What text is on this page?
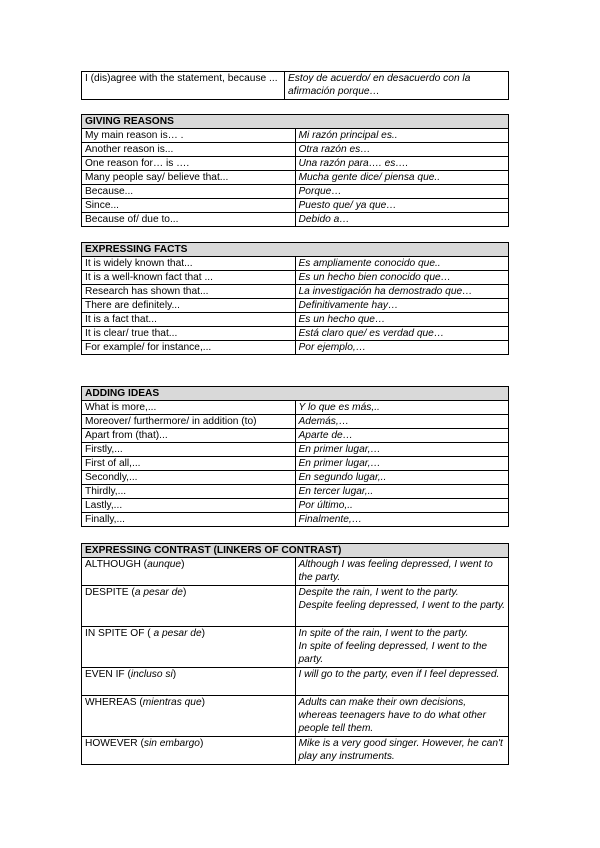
I (dis)agree with the statement, because ...	Estoy de acuerdo/ en desacuerdo con la afirmación porque…
GIVING REASONS	
My main reason is… .	Mi razón principal es..
Another reason is...	Otra razón es…
One reason for… is ….	Una razón para…. es….
Many people say/ believe that...	Mucha gente dice/ piensa que..
Because...	Porque…
Since...	Puesto que/ ya que…
Because of/ due to...	Debido a…
EXPRESSING FACTS	
It is widely known that...	Es ampliamente conocido que..
It is a well-known fact that ...	Es un hecho bien conocido que…
Research has shown that...	La investigación ha demostrado que…
There are definitely...	Definitivamente hay…
It is a fact that...	Es un hecho que…
It is clear/ true that...	Está claro que/ es verdad que…
For example/ for instance,...	Por ejemplo,…
ADDING IDEAS	
What is more,...	Y lo que es más,..
Moreover/ furthermore/ in addition (to)	Además,…
Apart from (that)...	Aparte de…
Firstly,...	En primer lugar,…
First of all,...	En primer lugar,…
Secondly,...	En segundo lugar,..
Thirdly,...	En tercer lugar,..
Lastly,...	Por último,..
Finally,...	Finalmente,…
EXPRESSING CONTRAST (LINKERS OF CONTRAST)	
ALTHOUGH (aunque)	Although I was feeling depressed, I went to the party.
DESPITE (a pesar de)	Despite the rain, I went to the party.
Despite feeling depressed, I went to the party.

IN SPITE OF ( a pesar de)	In spite of the rain, I went to the party.
In spite of feeling depressed, I went to the party.

EVEN IF (incluso si)	I will go to the party, even if I feel depressed.
WHEREAS (mientras que)	Adults can make their own decisions, whereas teenagers have to do what other people tell them.
HOWEVER (sin embargo)	Mike is a very good singer. However, he can't play any instruments.
